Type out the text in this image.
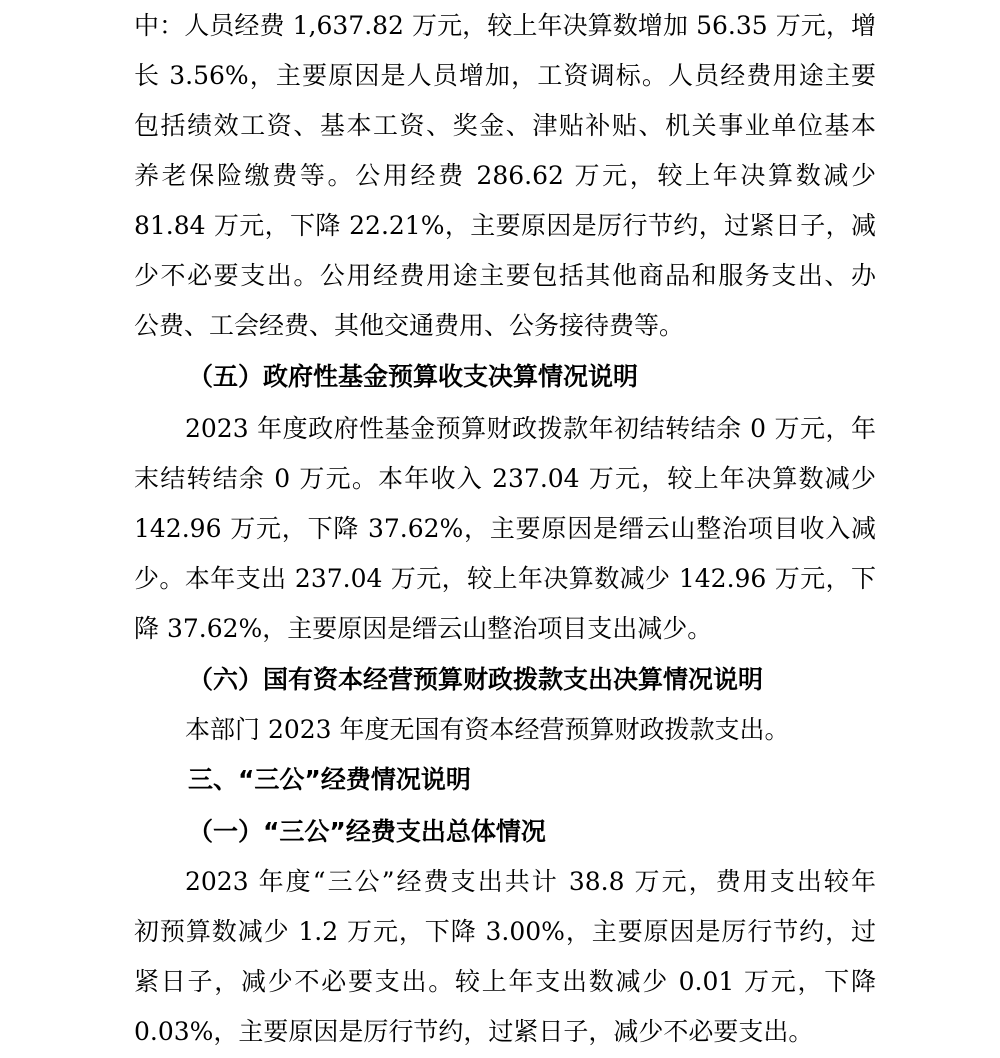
中：人员经费 1,637.82 万元，较上年决算数增加 56.35 万元，增
长 3.56%，主要原因是人员增加，工资调标。人员经费用途主要
包括绩效工资、基本工资、奖金、津贴补贴、机关事业单位基本
养老保险缴费等。公用经费 286.62 万元，较上年决算数减少
81.84 万元，下降 22.21%，主要原因是厉行节约，过紧日子，减
少不必要支出。公用经费用途主要包括其他商品和服务支出、办
公费、工会经费、其他交通费用、公务接待费等。
（五）政府性基金预算收支决算情况说明
2023 年度政府性基金预算财政拨款年初结转结余 0 万元，年
末结转结余 0 万元。本年收入 237.04 万元，较上年决算数减少
142.96 万元，下降 37.62%，主要原因是缙云山整治项目收入减
少。本年支出 237.04 万元，较上年决算数减少 142.96 万元，下
降 37.62%，主要原因是缙云山整治项目支出减少。
（六）国有资本经营预算财政拨款支出决算情况说明
本部门 2023 年度无国有资本经营预算财政拨款支出。
三、“三公”经费情况说明
（一）“三公”经费支出总体情况
2023 年度“三公”经费支出共计 38.8 万元，费用支出较年
初预算数减少 1.2 万元，下降 3.00%，主要原因是厉行节约，过
紧日子，减少不必要支出。较上年支出数减少 0.01 万元，下降
0.03%，主要原因是厉行节约，过紧日子，减少不必要支出。
